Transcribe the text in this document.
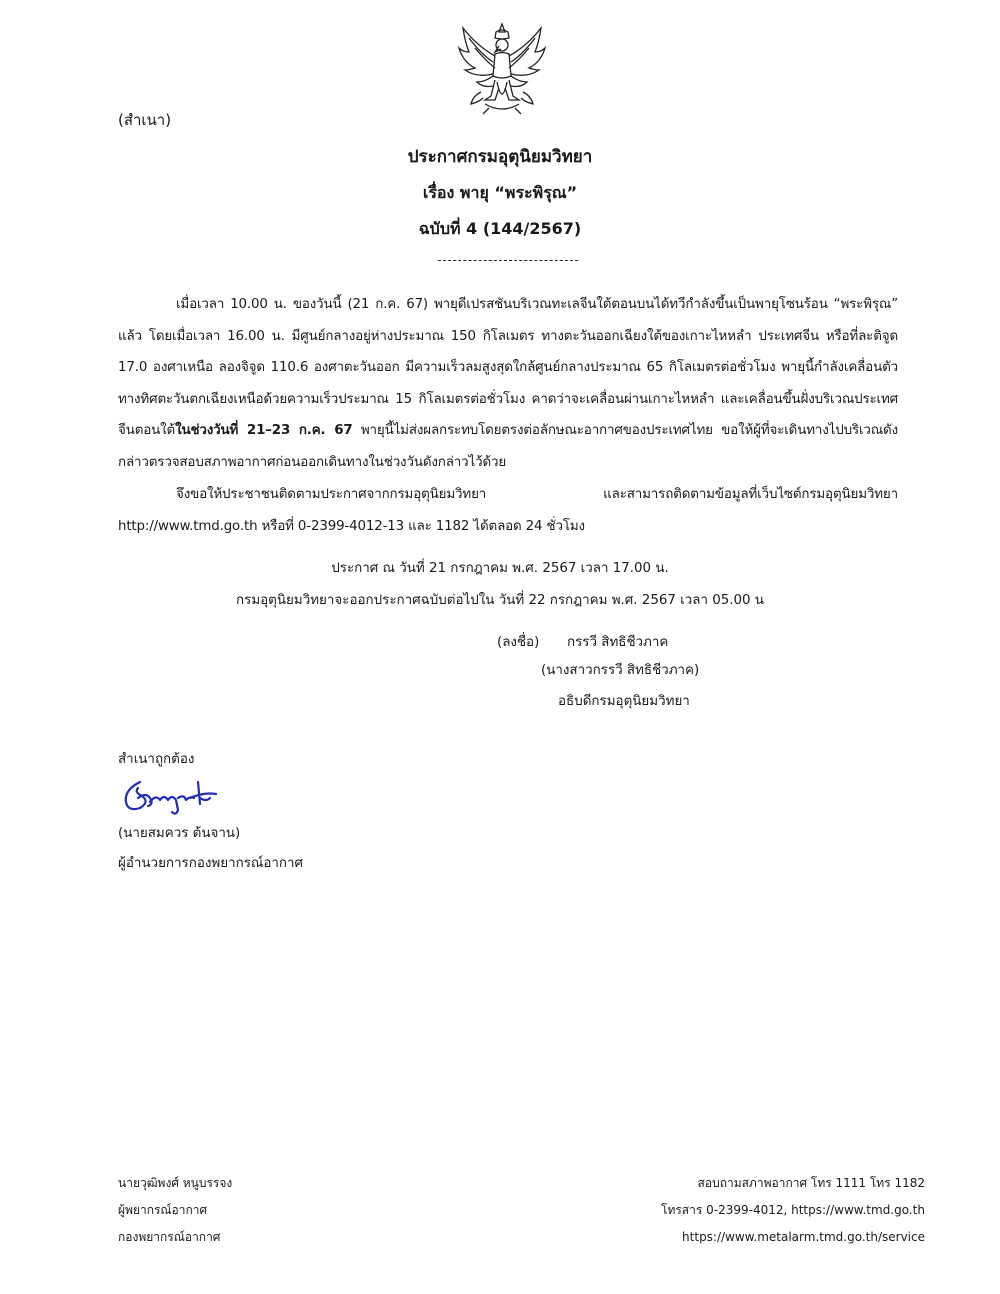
(สำเนา)
ประกาศกรมอุตุนิยมวิทยา
เรื่อง พายุ “พระพิรุณ”
ฉบับที่ 4 (144/2567)
เมื่อเวลา 10.00 น. ของวันนี้ (21 ก.ค. 67) พายุดีเปรสชันบริเวณทะเลจีนใต้ตอนบนได้ทวีกำลังขึ้นเป็นพายุโซนร้อน “พระพิรุณ” แล้ว โดยเมื่อเวลา 16.00 น. มีศูนย์กลางอยู่ห่างประมาณ 150 กิโลเมตร ทางตะวันออกเฉียงใต้ของเกาะไหหลำ ประเทศจีน หรือที่ละติจูด 17.0 องศาเหนือ ลองจิจูด 110.6 องศาตะวันออก มีความเร็วลมสูงสุดใกล้ศูนย์กลางประมาณ 65 กิโลเมตรต่อชั่วโมง พายุนี้กำลังเคลื่อนตัวทางทิศตะวันตกเฉียงเหนือด้วยความเร็วประมาณ 15 กิโลเมตรต่อชั่วโมง คาดว่าจะเคลื่อนผ่านเกาะไหหลำ และเคลื่อนขึ้นฝั่งบริเวณประเทศจีนตอนใต้ในช่วงวันที่ 21–23 ก.ค. 67 พายุนี้ไม่ส่งผลกระทบโดยตรงต่อลักษณะอากาศของประเทศไทย ขอให้ผู้ที่จะเดินทางไปบริเวณดังกล่าวตรวจสอบสภาพอากาศก่อนออกเดินทางในช่วงวันดังกล่าวไว้ด้วย
จึงขอให้ประชาชนติดตามประกาศจากกรมอุตุนิยมวิทยา และสามารถติดตามข้อมูลที่เว็บไซต์กรมอุตุนิยมวิทยา http://www.tmd.go.th หรือที่ 0-2399-4012-13 และ 1182 ได้ตลอด 24 ชั่วโมง
ประกาศ ณ วันที่ 21 กรกฎาคม พ.ศ. 2567 เวลา 17.00 น.
กรมอุตุนิยมวิทยาจะออกประกาศฉบับต่อไปใน วันที่ 22 กรกฎาคม พ.ศ. 2567 เวลา 05.00 น
(ลงชื่อ) กรรวี สิทธิชีวภาค
(นางสาวกรรวี สิทธิชีวภาค)
อธิบดีกรมอุตุนิยมวิทยา
สำเนาถูกต้อง
(นายสมควร ต้นจาน)
ผู้อำนวยการกองพยากรณ์อากาศ
นายวุฒิพงศ์ หนูบรรจง
ผู้พยากรณ์อากาศ
กองพยากรณ์อากาศ
สอบถามสภาพอากาศ โทร 1111 โทร 1182
โทรสาร 0-2399-4012, https://www.tmd.go.th
https://www.metalarm.tmd.go.th/service
